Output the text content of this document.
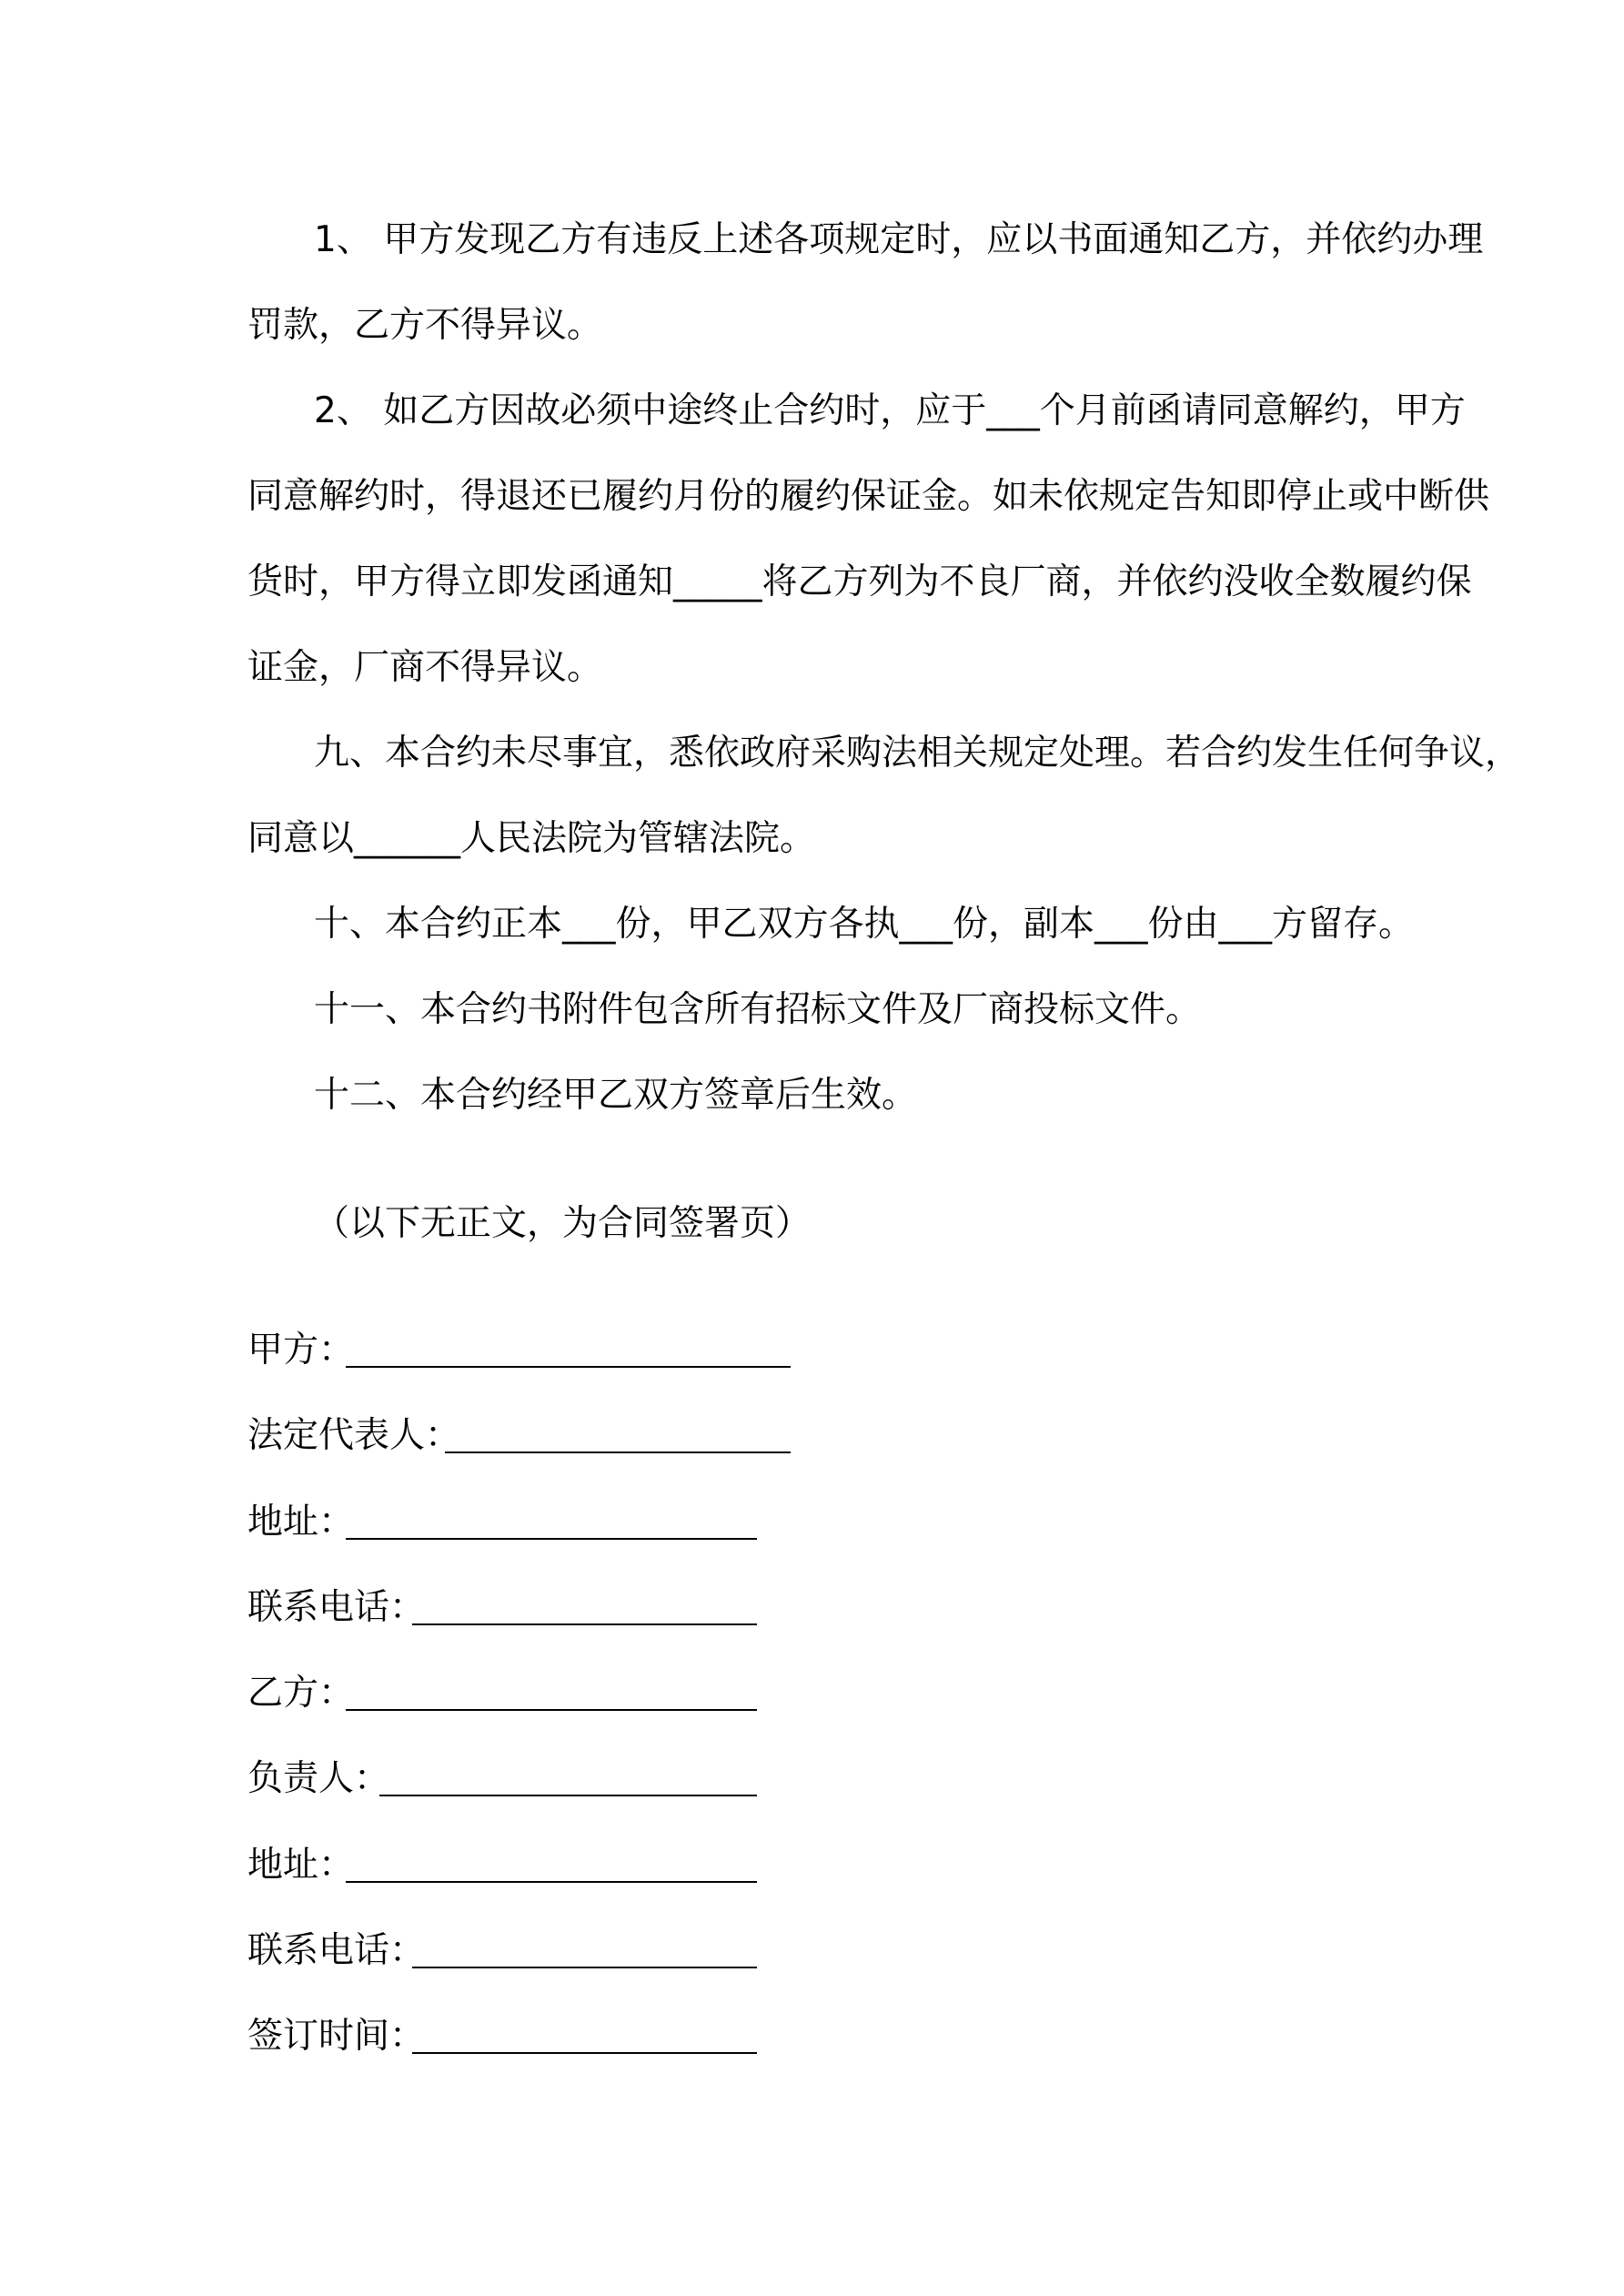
1、 甲方发现乙方有违反上述各项规定时，应以书面通知乙方，并依约办理
罚款，乙方不得异议。
2、 如乙方因故必须中途终止合约时，应于___个月前函请同意解约，甲方
同意解约时，得退还已履约月份的履约保证金。如未依规定告知即停止或中断供
货时，甲方得立即发函通知_____将乙方列为不良厂商，并依约没收全数履约保
证金，厂商不得异议。
九、本合约未尽事宜，悉依政府采购法相关规定处理。若合约发生任何争议，
同意以______人民法院为管辖法院。
十、本合约正本___份，甲乙双方各执___份，副本___份由___方留存。
十一、本合约书附件包含所有招标文件及厂商投标文件。
十二、本合约经甲乙双方签章后生效。
（以下无正文，为合同签署页）
甲方：
法定代表人：
地址：
联系电话：
乙方：
负责人：
地址：
联系电话：
签订时间：
